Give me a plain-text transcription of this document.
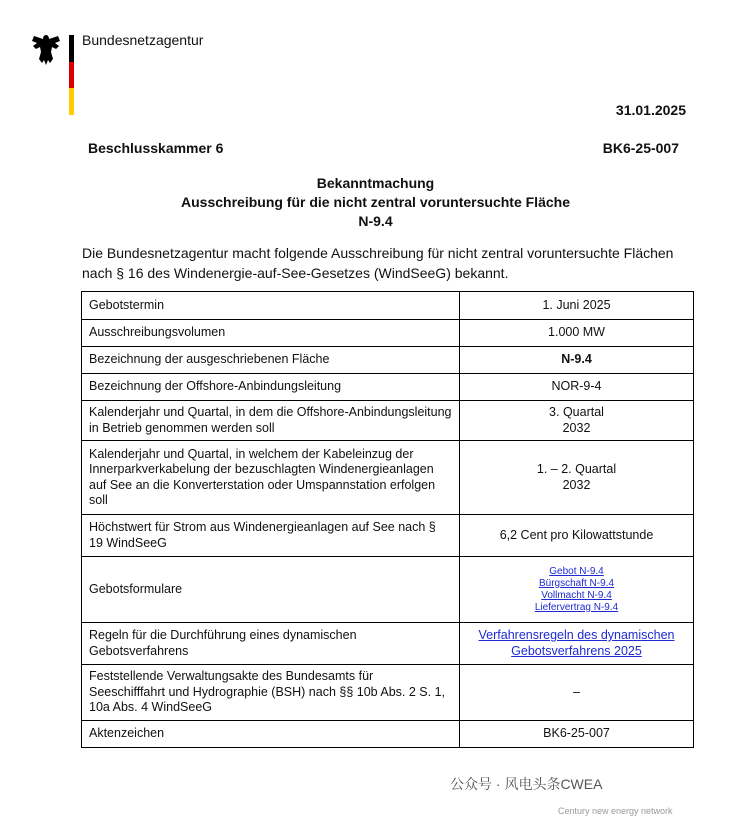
Bundesnetzagentur
31.01.2025
Beschlusskammer 6	BK6-25-007
Bekanntmachung
Ausschreibung für die nicht zentral voruntersuchte Fläche
N-9.4
Die Bundesnetzagentur macht folgende Ausschreibung für nicht zentral voruntersuchte Flächen nach § 16 des Windenergie-auf-See-Gesetzes (WindSeeG) bekannt.
Gebotstermin	1. Juni 2025
Ausschreibungsvolumen	1.000 MW
Bezeichnung der ausgeschriebenen Fläche	N-9.4
Bezeichnung der Offshore-Anbindungsleitung	NOR-9-4
Kalenderjahr und Quartal, in dem die Offshore-Anbindungsleitung in Betrieb genommen werden soll	3. Quartal
2032

Kalenderjahr und Quartal, in welchem der Kabeleinzug der Innerparkverkabelung der bezuschlagten Windenergieanlagen auf See an die Konverterstation oder Umspannstation erfolgen soll	1. – 2. Quartal
2032

Höchstwert für Strom aus Windenergieanlagen auf See nach § 19 WindSeeG	6,2 Cent pro Kilowattstunde
Gebotsformulare	Gebot N-9.4
Bürgschaft N-9.4
Vollmacht N-9.4
Liefervertrag N-9.4

Regeln für die Durchführung eines dynamischen Gebotsverfahrens	Verfahrensregeln des dynamischen
Gebotsverfahrens 2025

Feststellende Verwaltungsakte des Bundesamts für Seeschifffahrt und Hydrographie (BSH) nach §§ 10b Abs. 2 S. 1, 10a Abs. 4 WindSeeG	–
Aktenzeichen	BK6-25-007
公众号 · 风电头条CWEA
Century new energy network
